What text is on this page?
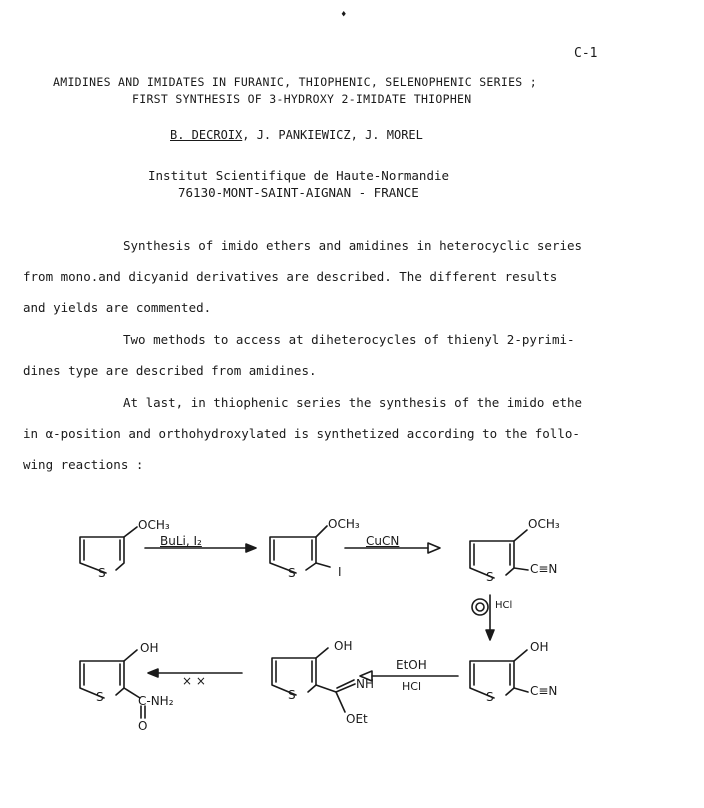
♦
C-1
AMIDINES AND IMIDATES IN FURANIC, THIOPHENIC, SELENOPHENIC SERIES ;
FIRST SYNTHESIS OF 3-HYDROXY 2-IMIDATE THIOPHEN
B. DECROIX, J. PANKIEWICZ, J. MOREL
Institut Scientifique de Haute-Normandie
76130-MONT-SAINT-AIGNAN - FRANCE
Synthesis of imido ethers and amidines in heterocyclic series
from mono.and dicyanid derivatives are described. The different results
and yields are commented.
Two methods to access at diheterocycles of thienyl 2-pyrimi-
dines type are described from amidines.
At last, in thiophenic series the synthesis of the imido ethe
in α-position and orthohydroxylated is synthetized according to the follo-
wing reactions :
S
OCH₃
BuLi, I₂
S
OCH₃
I
CuCN
S
OCH₃
C≡N
HCl
S
OH
C≡N
EtOH
HCl
S
OH
NH
OEt
× ×
S
OH
C-NH₂
O
